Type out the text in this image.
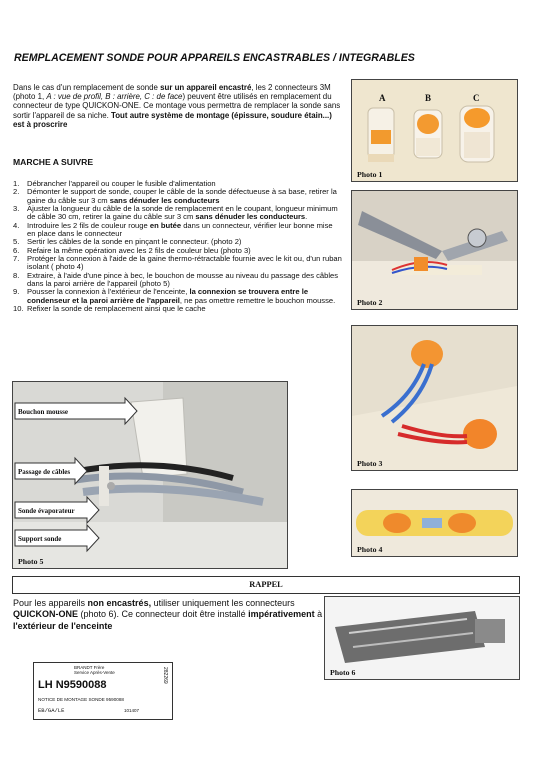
REMPLACEMENT SONDE POUR APPAREILS ENCASTRABLES / INTEGRABLES
Dans le cas d'un remplacement de sonde sur un appareil encastré, les 2 connecteurs 3M (photo 1, A : vue de profil, B : arrière, C : de face) peuvent être utilisés en remplacement du connecteur de type QUICKON-ONE. Ce montage vous permettra de remplacer la sonde sans sortir l'appareil de sa niche. Tout autre système de montage (épissure, soudure étain...) est à proscrire
MARCHE A SUIVRE
1. Débrancher l'appareil ou couper le fusible d'alimentation
2. Démonter le support de sonde, couper le câble de la sonde défectueuse à sa base, retirer la gaine du câble sur 3 cm sans dénuder les conducteurs
3. Ajuster la longueur du câble de la sonde de remplacement en le coupant, longueur minimum de câble 30 cm, retirer la gaine du câble sur 3 cm sans dénuder les conducteurs.
4. Introduire les 2 fils de couleur rouge en butée dans un connecteur, vérifier leur bonne mise en place dans le connecteur
5. Sertir les câbles de la sonde en pinçant le connecteur. (photo 2)
6. Refaire la même opération avec les 2 fils de couleur bleu (photo 3)
7. Protéger la connexion à l'aide de la gaine thermo-rétractable fournie avec le kit ou, d'un ruban isolant ( photo 4)
8. Extraire, à l'aide d'une pince à bec, le bouchon de mousse au niveau du passage des câbles dans la paroi arrière de l'appareil (photo 5)
9. Pousser la connexion à l'extérieur de l'enceinte, la connexion se trouvera entre le condenseur et la paroi arrière de l'appareil, ne pas omettre remettre le bouchon mousse.
10. Refixer la sonde de remplacement ainsi que le cache
A	B	C
Photo 1
Photo 2
Photo 3
Photo 4
Bouchon mousse
Passage de câbles
Sonde évaporateur
Support sonde
Photo 5
RAPPEL
Pour les appareils non encastrés, utiliser uniquement les connecteurs QUICKON-ONE (photo 6). Ce connecteur doit être installé impérativement à l'extérieur de l'enceinte
Photo 6
BRANDT Frère
Service Après-Vente
LH N9590088
282269
NOTICE DE MONTAGE SONDE 9590088
EB/GA/LE	101407
